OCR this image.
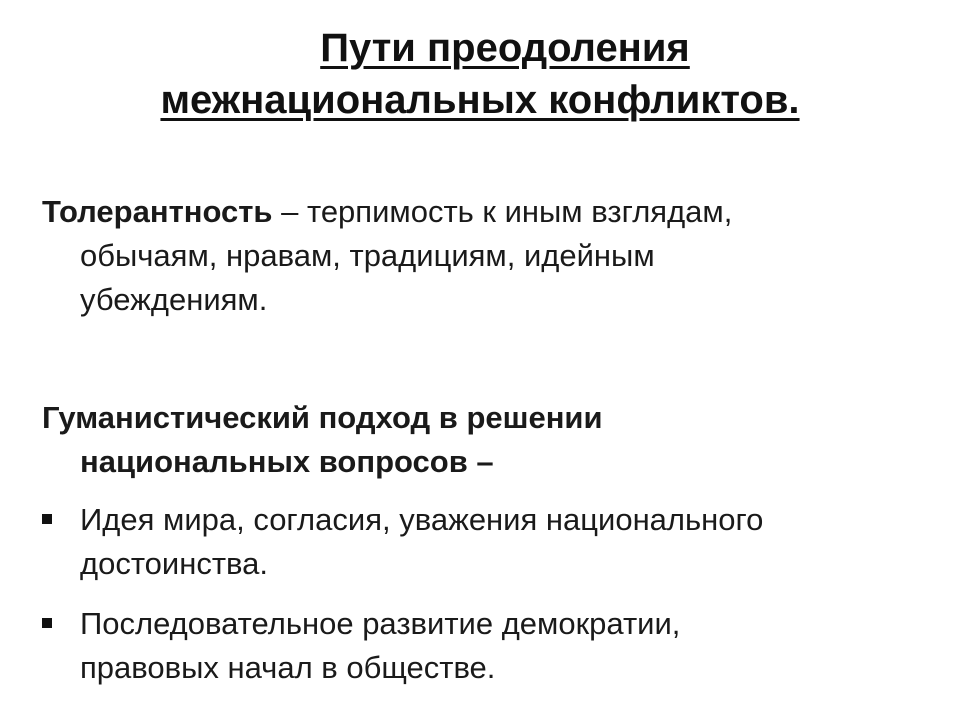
Пути преодоления
межнациональных конфликтов.
Толерантность – терпимость к иным взглядам,
обычаям, нравам, традициям, идейным
убеждениям.
Гуманистический подход в решении
национальных вопросов –
Идея мира, согласия, уважения национального
достоинства.
Последовательное развитие демократии,
правовых начал в обществе.
